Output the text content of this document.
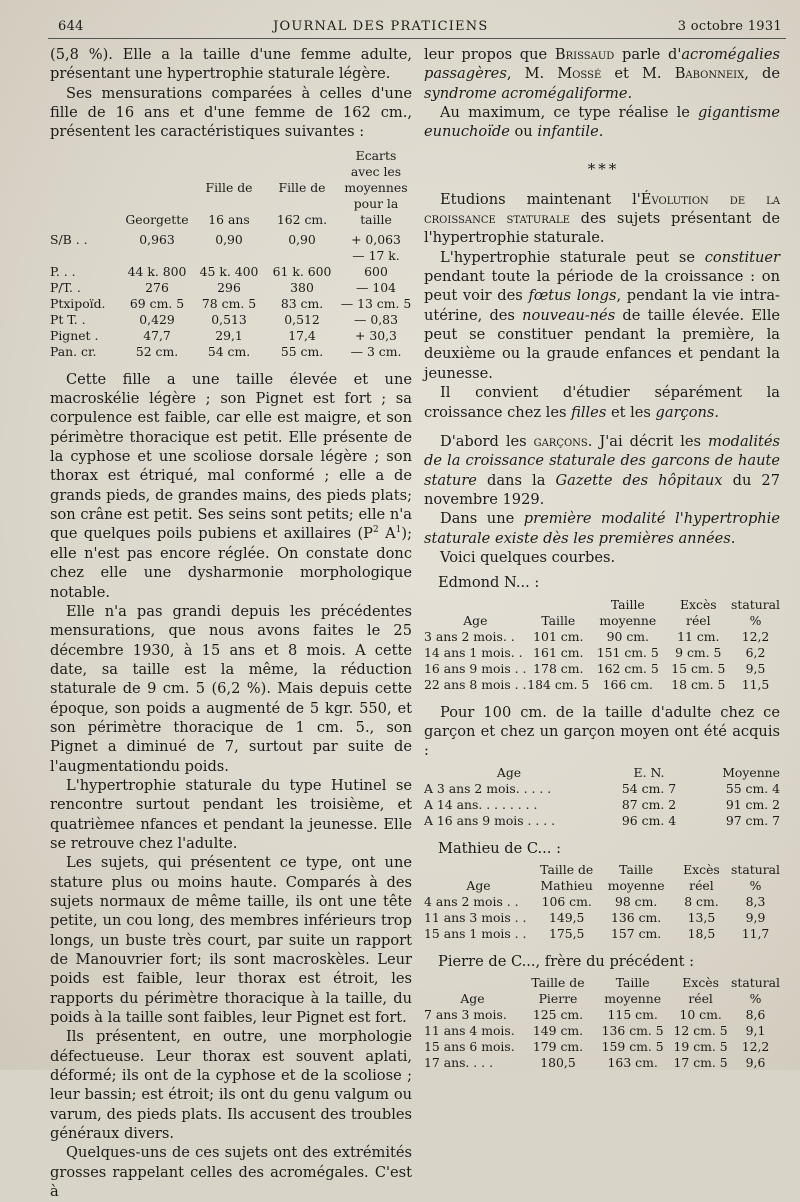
644	JOURNAL DES PRATICIENS	3 octobre 1931

(5,8 %). Elle a la taille d'une femme adulte, présentant une hypertrophie staturale légère.

Ses mensurations comparées à celles d'une fille de 16 ans et d'une femme de 162 cm., présentent les caractéristiques suivantes :

				Ecarts avec les
		Fille de	Fille de	moyennes
	Georgette	16 ans	162 cm.	pour la taille

S/B . .	0,963	0,90	0,90	+ 0,063
P. . .	44 k. 800	45 k. 400	61 k. 600	— 17 k. 600
P/T. .	276	296	380	— 104
Ptxipoïd.	69 cm. 5	78 cm. 5	83 cm.	— 13 cm. 5
Pt T. .	0,429	0,513	0,512	— 0,83
Pignet .	47,7	29,1	17,4	+ 30,3
Pan. cr.	52 cm.	54 cm.	55 cm.	— 3 cm.

Cette fille a une taille élevée et une macroskélie légère ; son Pignet est fort ; sa corpulence est faible, car elle est maigre, et son périmètre thoracique est petit. Elle présente de la cyphose et une scoliose dorsale légère ; son thorax est étriqué, mal conformé ; elle a de grands pieds, de grandes mains, des pieds plats; son crâne est petit. Ses seins sont petits; elle n'a que quelques poils pubiens et axillaires ($P^2$ $A^1$); elle n'est pas encore réglée. On constate donc chez elle une dysharmonie morphologique notable.

Elle n'a pas grandi depuis les précédentes mensurations, que nous avons faites le 25 décembre 1930, à 15 ans et 8 mois. A cette date, sa taille est la même, la réduction staturale de 9 cm. 5 (6,2 %). Mais depuis cette époque, son poids a augmenté de 5 kgr. 550, et son périmètre thoracique de 1 cm. 5., son Pignet a diminué de 7, surtout par suite de l'augmentationdu poids.

L'hypertrophie staturale du type Hutinel se rencontre surtout pendant les troisième, et quatrièmee nfances et pendant la jeunesse. Elle se retrouve chez l'adulte.

Les sujets, qui présentent ce type, ont une stature plus ou moins haute. Comparés à des sujets normaux de même taille, ils ont une tête petite, un cou long, des membres inférieurs trop longs, un buste très court, par suite un rapport de Manouvrier fort; ils sont macroskèles. Leur poids est faible, leur thorax est étroit, les rapports du périmètre thoracique à la taille, du poids à la taille sont faibles, leur Pignet est fort.

Ils présentent, en outre, une morphologie défectueuse. Leur thorax est souvent aplati, déformé; ils ont de la cyphose et de la scoliose ; leur bassin; est étroit; ils ont du genu valgum ou varum, des pieds plats. Ils accusent des troubles généraux divers.

Quelques-uns de ces sujets ont des extrémités grosses rappelant celles des acromégales. C'est à

leur propos que Brissaud parle d'acromégalies passagères, M. Mossé et M. Babonneix, de syndrome acromégaliforme.

Au maximum, ce type réalise le gigantisme eunuchoïde ou infantile.

* * *

Etudions maintenant l'Évolution de la croissance staturale des sujets présentant de l'hypertrophie staturale.

L'hypertrophie staturale peut se constituer pendant toute la période de la croissance : on peut voir des fœtus longs, pendant la vie intra-utérine, des nouveau-nés de taille élevée. Elle peut se constituer pendant la première, la deuxième ou la graude enfances et pendant la jeunesse.

Il convient d'étudier séparément la croissance chez les filles et les garçons.

D'abord les garçons. J'ai décrit les modalités de la croissance staturale des garcons de haute stature dans la Gazette des hôpitaux du 27 novembre 1929.

Dans une première modalité l'hypertrophie staturale existe dès les premières années.

Voici quelques courbes.

Edmond N... :
		Taille	Excès	statural
Age	Taille	moyenne	réel	%
3 ans 2 mois. .	101 cm.	90 cm.	11 cm.	12,2
14 ans 1 mois. .	161 cm.	151 cm. 5	9 cm. 5	6,2
16 ans 9 mois . .	178 cm.	162 cm. 5	15 cm. 5	9,5
22 ans 8 mois . .	184 cm. 5	166 cm.	18 cm. 5	11,5

Pour 100 cm. de la taille d'adulte chez ce garçon et chez un garçon moyen ont été acquis :

Age	E. N.	Moyenne
A 3 ans 2 mois. . . . .	54 cm. 7	55 cm. 4
A 14 ans. . . . . . . .	87 cm. 2	91 cm. 2
A 16 ans 9 mois . . . .	96 cm. 4	97 cm. 7
Mathieu de C... :
	Taille de	Taille	Excès	statural
Age	Mathieu	moyenne	réel	%
4 ans 2 mois . .	106 cm.	98 cm.	8 cm.	8,3
11 ans 3 mois . .	149,5	136 cm.	13,5	9,9
15 ans 1 mois . .	175,5	157 cm.	18,5	11,7
Pierre de C..., frère du précédent :
	Taille de	Taille	Excès	statural
Age	Pierre	moyenne	réel	%
7 ans 3 mois.	125 cm.	115 cm.	10 cm.	8,6
11 ans 4 mois.	149 cm.	136 cm. 5	12 cm. 5	9,1
15 ans 6 mois.	179 cm.	159 cm. 5	19 cm. 5	12,2
17 ans. . . .	180,5	163 cm.	17 cm. 5	9,6
